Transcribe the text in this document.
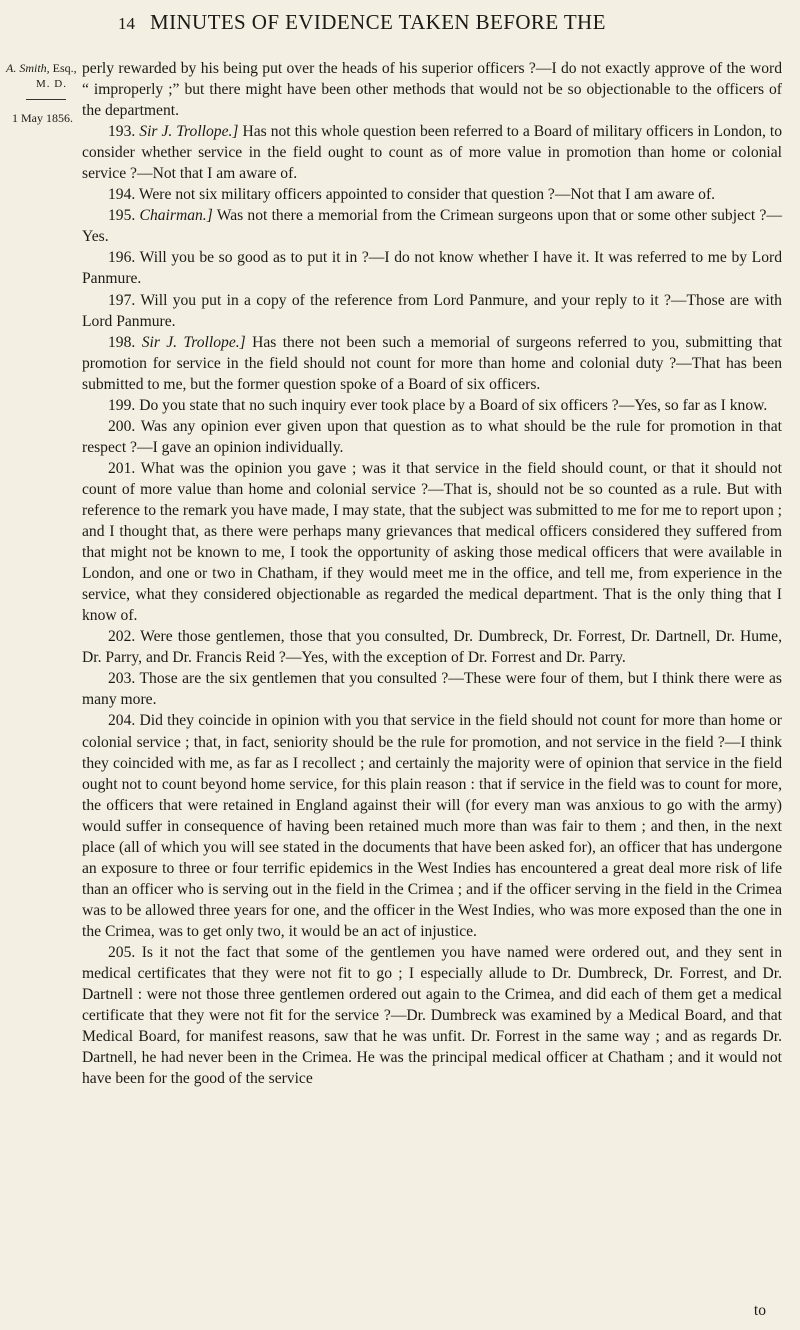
14 MINUTES OF EVIDENCE TAKEN BEFORE THE
A. Smith, Esq.,
M. D.
1 May 1856.

perly rewarded by his being put over the heads of his superior officers ?—I do not exactly approve of the word “ improperly ;” but there might have been other methods that would not be so objectionable to the officers of the department.

193. Sir J. Trollope.] Has not this whole question been referred to a Board of military officers in London, to consider whether service in the field ought to count as of more value in promotion than home or colonial service ?—Not that I am aware of.

194. Were not six military officers appointed to consider that question ?—Not that I am aware of.

195. Chairman.] Was not there a memorial from the Crimean surgeons upon that or some other subject ?—Yes.

196. Will you be so good as to put it in ?—I do not know whether I have it. It was referred to me by Lord Panmure.

197. Will you put in a copy of the reference from Lord Panmure, and your reply to it ?—Those are with Lord Panmure.

198. Sir J. Trollope.] Has there not been such a memorial of surgeons referred to you, submitting that promotion for service in the field should not count for more than home and colonial duty ?—That has been submitted to me, but the former question spoke of a Board of six officers.

199. Do you state that no such inquiry ever took place by a Board of six officers ?—Yes, so far as I know.

200. Was any opinion ever given upon that question as to what should be the rule for promotion in that respect ?—I gave an opinion individually.

201. What was the opinion you gave ; was it that service in the field should count, or that it should not count of more value than home and colonial service ?—That is, should not be so counted as a rule. But with reference to the remark you have made, I may state, that the subject was submitted to me for me to report upon ; and I thought that, as there were perhaps many grievances that medical officers considered they suffered from that might not be known to me, I took the opportunity of asking those medical officers that were available in London, and one or two in Chatham, if they would meet me in the office, and tell me, from experience in the service, what they considered objectionable as regarded the medical department. That is the only thing that I know of.

202. Were those gentlemen, those that you consulted, Dr. Dumbreck, Dr. Forrest, Dr. Dartnell, Dr. Hume, Dr. Parry, and Dr. Francis Reid ?—Yes, with the exception of Dr. Forrest and Dr. Parry.

203. Those are the six gentlemen that you consulted ?—These were four of them, but I think there were as many more.

204. Did they coincide in opinion with you that service in the field should not count for more than home or colonial service ; that, in fact, seniority should be the rule for promotion, and not service in the field ?—I think they coincided with me, as far as I recollect ; and certainly the majority were of opinion that service in the field ought not to count beyond home service, for this plain reason : that if service in the field was to count for more, the officers that were retained in England against their will (for every man was anxious to go with the army) would suffer in consequence of having been retained much more than was fair to them ; and then, in the next place (all of which you will see stated in the documents that have been asked for), an officer that has undergone an exposure to three or four terrific epidemics in the West Indies has encountered a great deal more risk of life than an officer who is serving out in the field in the Crimea ; and if the officer serving in the field in the Crimea was to be allowed three years for one, and the officer in the West Indies, who was more exposed than the one in the Crimea, was to get only two, it would be an act of injustice.

205. Is it not the fact that some of the gentlemen you have named were ordered out, and they sent in medical certificates that they were not fit to go ; I especially allude to Dr. Dumbreck, Dr. Forrest, and Dr. Dartnell : were not those three gentlemen ordered out again to the Crimea, and did each of them get a medical certificate that they were not fit for the service ?—Dr. Dumbreck was examined by a Medical Board, and that Medical Board, for manifest reasons, saw that he was unfit. Dr. Forrest in the same way ; and as regards Dr. Dartnell, he had never been in the Crimea. He was the principal medical officer at Chatham ; and it would not have been for the good of the service

to
